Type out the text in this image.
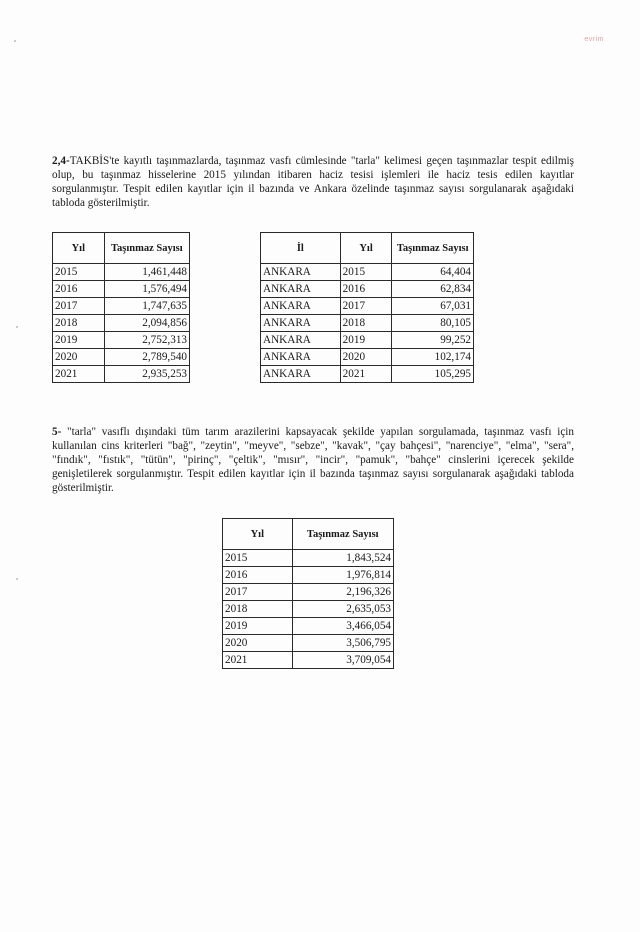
evrim

2,4-TAKBİS'te kayıtlı taşınmazlarda, taşınmaz vasfı cümlesinde "tarla" kelimesi geçen taşınmazlar tespit edilmiş olup, bu taşınmaz hisselerine 2015 yılından itibaren haciz tesisi işlemleri ile haciz tesis edilen kayıtlar sorgulanmıştır. Tespit edilen kayıtlar için il bazında ve Ankara özelinde taşınmaz sayısı sorgulanarak aşağıdaki tabloda gösterilmiştir.

Yıl	Taşınmaz Sayısı
2015	1,461,448
2016	1,576,494
2017	1,747,635
2018	2,094,856
2019	2,752,313
2020	2,789,540
2021	2,935,253
İl	Yıl	Taşınmaz Sayısı
ANKARA	2015	64,404
ANKARA	2016	62,834
ANKARA	2017	67,031
ANKARA	2018	80,105
ANKARA	2019	99,252
ANKARA	2020	102,174
ANKARA	2021	105,295

5- "tarla" vasıflı dışındaki tüm tarım arazilerini kapsayacak şekilde yapılan sorgulamada, taşınmaz vasfı için kullanılan cins kriterleri "bağ", "zeytin", "meyve", "sebze", "kavak", "çay bahçesi", "narenciye", "elma", "sera", "fındık", "fıstık", "tütün", "pirinç", "çeltik", "mısır", "incir", "pamuk", "bahçe" cinslerini içerecek şekilde genişletilerek sorgulanmıştır. Tespit edilen kayıtlar için il bazında taşınmaz sayısı sorgulanarak aşağıdaki tabloda gösterilmiştir.

Yıl	Taşınmaz Sayısı
2015	1,843,524
2016	1,976,814
2017	2,196,326
2018	2,635,053
2019	3,466,054
2020	3,506,795
2021	3,709,054
